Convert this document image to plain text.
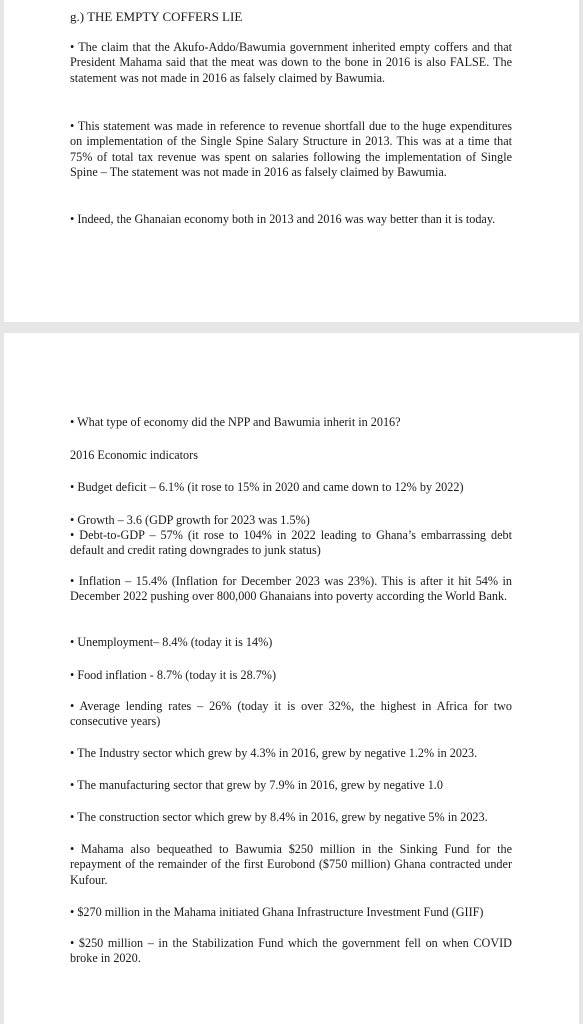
g.) THE EMPTY COFFERS LIE
• The claim that the Akufo-Addo/Bawumia government inherited empty coffers and that President Mahama said that the meat was down to the bone in 2016 is also FALSE. The statement was not made in 2016 as falsely claimed by Bawumia.
• This statement was made in reference to revenue shortfall due to the huge expenditures on implementation of the Single Spine Salary Structure in 2013. This was at a time that 75% of total tax revenue was spent on salaries following the implementation of Single Spine – The statement was not made in 2016 as falsely claimed by Bawumia.
• Indeed, the Ghanaian economy both in 2013 and 2016 was way better than it is today.
• What type of economy did the NPP and Bawumia inherit in 2016?
2016 Economic indicators
• Budget deficit – 6.1% (it rose to 15% in 2020 and came down to 12% by 2022)
• Growth – 3.6 (GDP growth for 2023 was 1.5%)
• Debt-to-GDP – 57% (it rose to 104% in 2022 leading to Ghana’s embarrassing debt default and credit rating downgrades to junk status)
• Inflation – 15.4% (Inflation for December 2023 was 23%). This is after it hit 54% in December 2022 pushing over 800,000 Ghanaians into poverty according the World Bank.
• Unemployment– 8.4% (today it is 14%)
• Food inflation - 8.7% (today it is 28.7%)
• Average lending rates – 26% (today it is over 32%, the highest in Africa for two consecutive years)
• The Industry sector which grew by 4.3% in 2016, grew by negative 1.2% in 2023.
• The manufacturing sector that grew by 7.9% in 2016, grew by negative 1.0
• The construction sector which grew by 8.4% in 2016, grew by negative 5% in 2023.
• Mahama also bequeathed to Bawumia $250 million in the Sinking Fund for the repayment of the remainder of the first Eurobond ($750 million) Ghana contracted under Kufour.
• $270 million in the Mahama initiated Ghana Infrastructure Investment Fund (GIIF)
• $250 million – in the Stabilization Fund which the government fell on when COVID broke in 2020.
